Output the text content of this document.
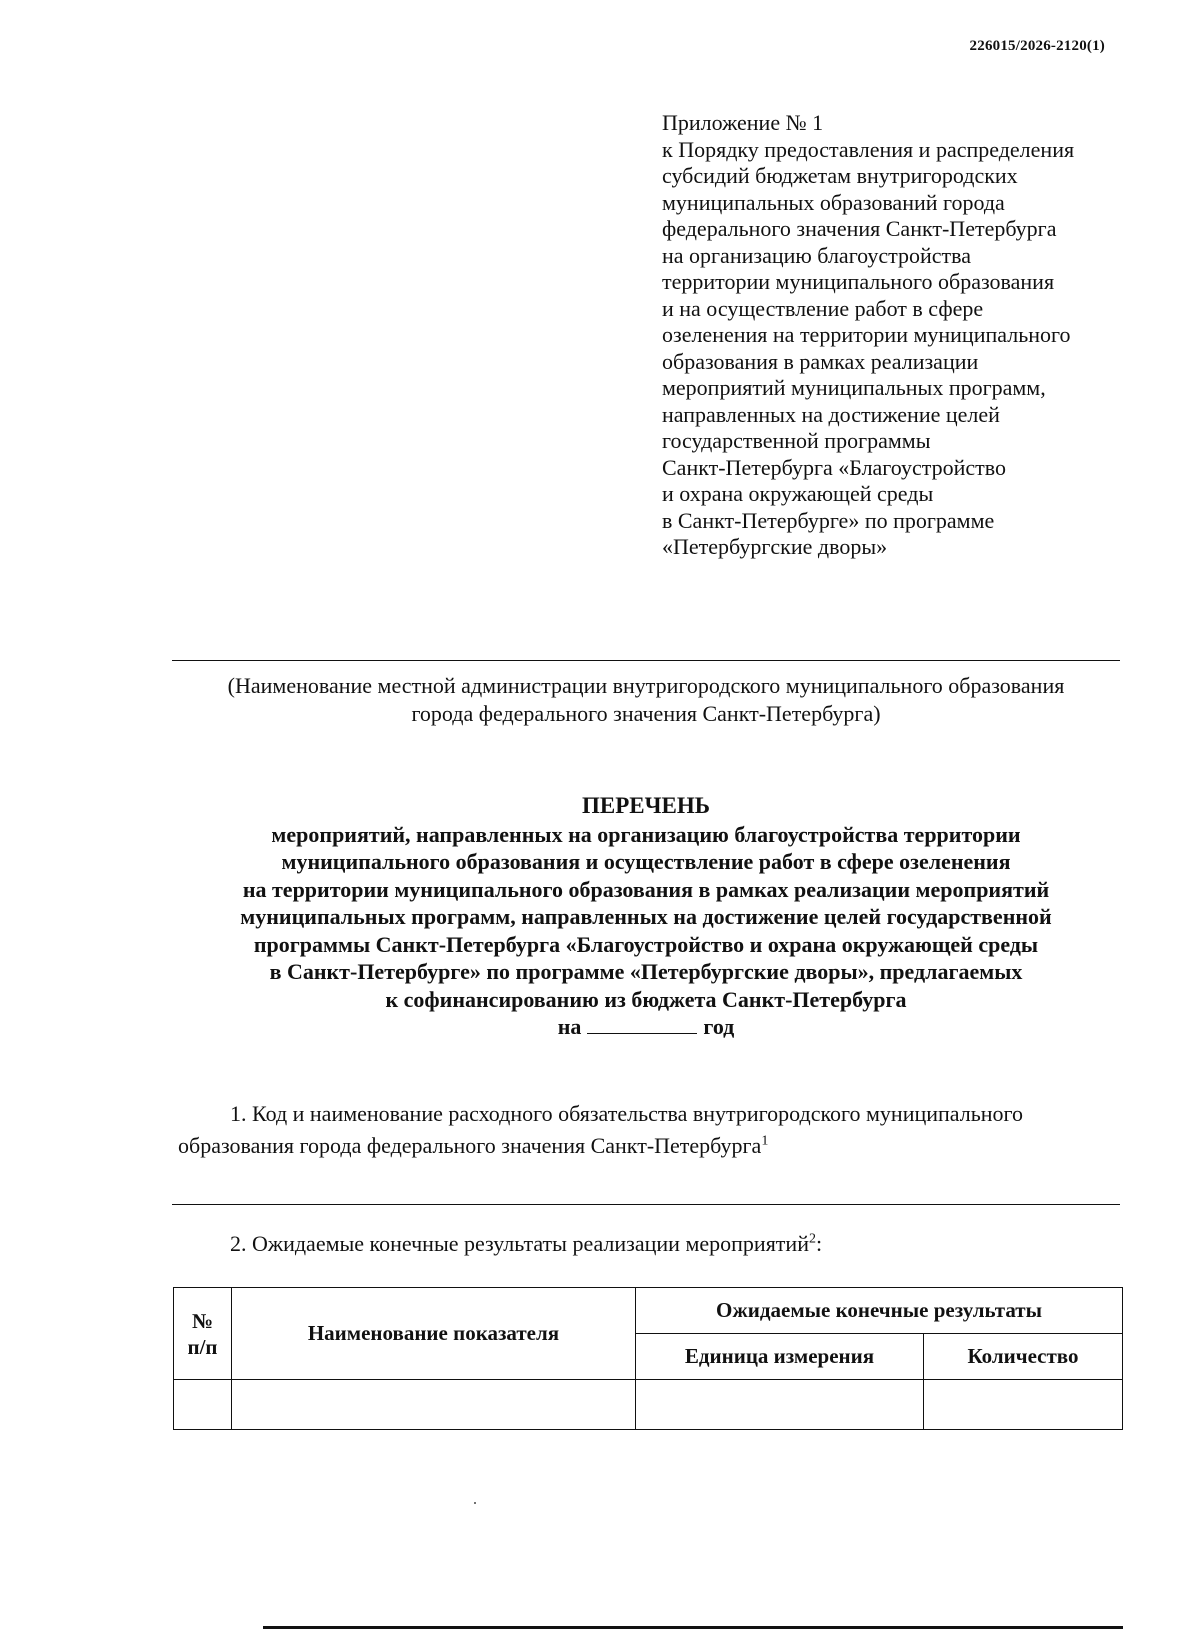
226015/2026-2120(1)
Приложение № 1
к Порядку предоставления и распределения
субсидий бюджетам внутригородских
муниципальных образований города
федерального значения Санкт-Петербурга
на организацию благоустройства
территории муниципального образования
и на осуществление работ в сфере
озеленения на территории муниципального
образования в рамках реализации
мероприятий муниципальных программ,
направленных на достижение целей
государственной программы
Санкт-Петербурга «Благоустройство
и охрана окружающей среды
в Санкт-Петербурге» по программе
«Петербургские дворы»
(Наименование местной администрации внутригородского муниципального образования
города федерального значения Санкт-Петербурга)
ПЕРЕЧЕНЬ
мероприятий, направленных на организацию благоустройства территории
муниципального образования и осуществление работ в сфере озеленения
на территории муниципального образования в рамках реализации мероприятий
муниципальных программ, направленных на достижение целей государственной
программы Санкт-Петербурга «Благоустройство и охрана окружающей среды
в Санкт-Петербурге» по программе «Петербургские дворы», предлагаемых
к софинансированию из бюджета Санкт-Петербурга
на	год
1. Код и наименование расходного обязательства внутригородского муниципального
образования города федерального значения Санкт-Петербурга$^1$
2. Ожидаемые конечные результаты реализации мероприятий$^2$:
№
п/п	Наименование показателя	Ожидаемые конечные результаты	
		Единица измерения	Количество
